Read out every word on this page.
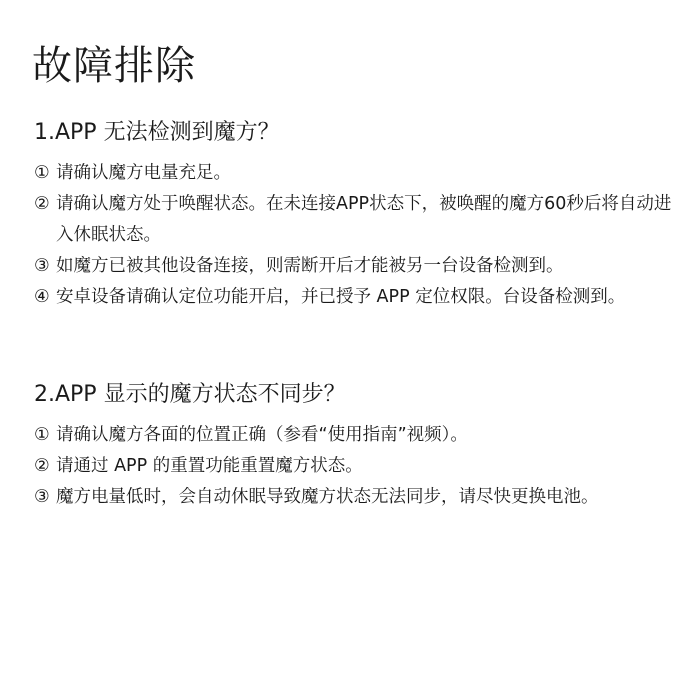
故障排除
1.APP 无法检测到魔方？
① 请确认魔方电量充足。
② 请确认魔方处于唤醒状态。在未连接APP状态下，被唤醒的魔方60秒后将自动进入休眠状态。
③ 如魔方已被其他设备连接，则需断开后才能被另一台设备检测到。
④ 安卓设备请确认定位功能开启，并已授予 APP 定位权限。台设备检测到。
2.APP 显示的魔方状态不同步？
① 请确认魔方各面的位置正确（参看“使用指南”视频）。
② 请通过 APP 的重置功能重置魔方状态。
③ 魔方电量低时，会自动休眠导致魔方状态无法同步，请尽快更换电池。
